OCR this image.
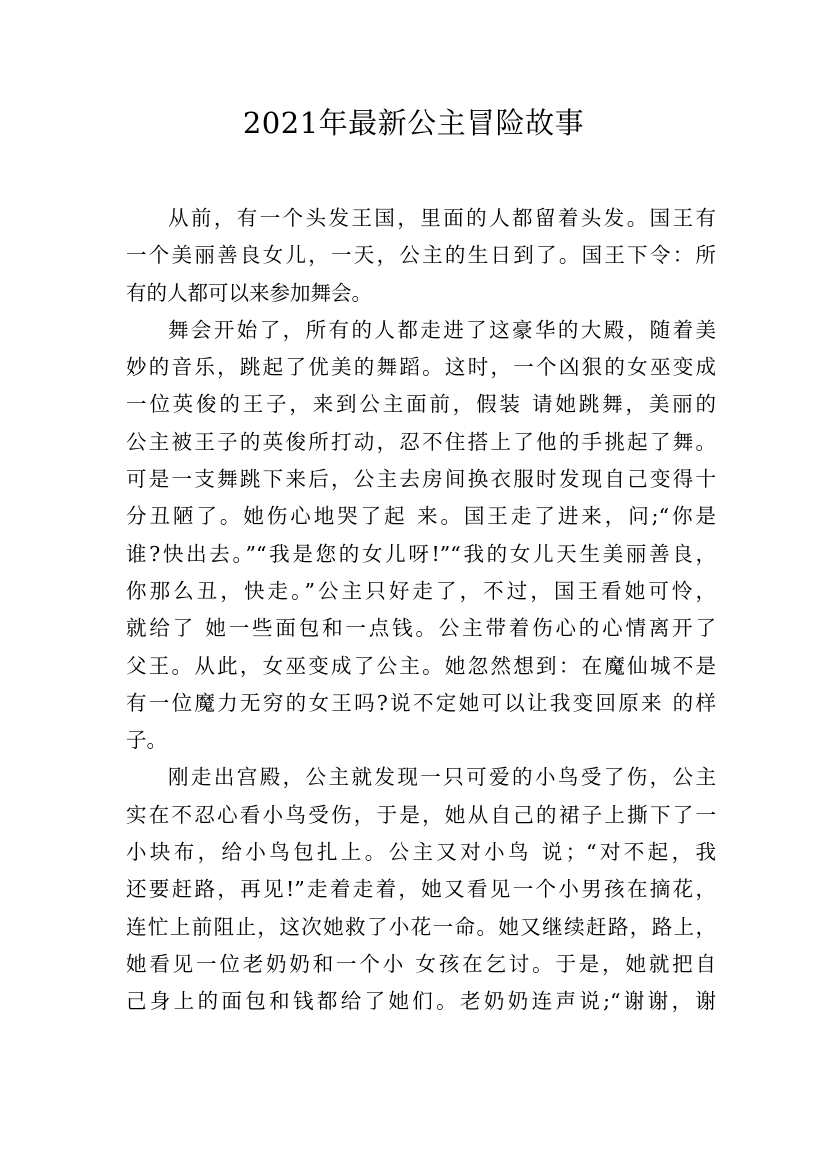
2021年最新公主冒险故事
从前，有一个头发王国，里面的人都留着头发。国王有
一个美丽善良女儿，一天，公主的生日到了。国王下令：所
有的人都可以来参加舞会。
舞会开始了，所有的人都走进了这豪华的大殿，随着美
妙的音乐，跳起了优美的舞蹈。这时，一个凶狠的女巫变成
一位英俊的王子，来到公主面前，假装 请她跳舞，美丽的
公主被王子的英俊所打动，忍不住搭上了他的手挑起了舞。
可是一支舞跳下来后，公主去房间换衣服时发现自己变得十
分丑陋了。她伤心地哭了起 来。国王走了进来，问;“你是
谁?快出去。”“我是您的女儿呀!”“我的女儿天生美丽善良，
你那么丑，快走。”公主只好走了，不过，国王看她可怜，
就给了 她一些面包和一点钱。公主带着伤心的心情离开了
父王。从此，女巫变成了公主。她忽然想到：在魔仙城不是
有一位魔力无穷的女王吗?说不定她可以让我变回原来 的样
子。
刚走出宫殿，公主就发现一只可爱的小鸟受了伤，公主
实在不忍心看小鸟受伤，于是，她从自己的裙子上撕下了一
小块布，给小鸟包扎上。公主又对小鸟 说；“对不起，我
还要赶路，再见!”走着走着，她又看见一个小男孩在摘花，
连忙上前阻止，这次她救了小花一命。她又继续赶路，路上，
她看见一位老奶奶和一个小 女孩在乞讨。于是，她就把自
己身上的面包和钱都给了她们。老奶奶连声说;“谢谢，谢
